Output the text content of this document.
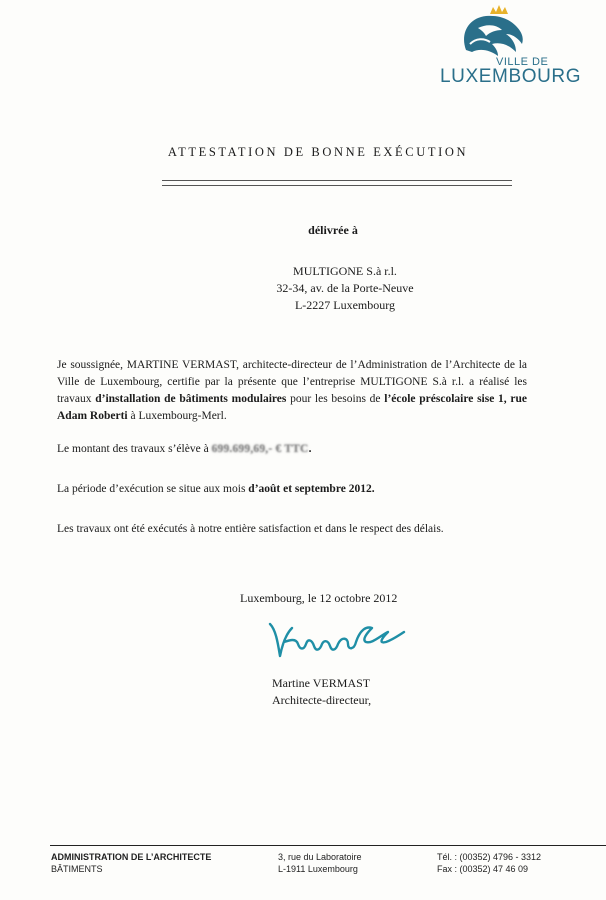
VILLE DE
LUXEMBOURG
ATTESTATION DE BONNE EXÉCUTION
délivrée à
MULTIGONE S.à r.l.
32-34, av. de la Porte-Neuve
L-2227 Luxembourg
Je soussignée, MARTINE VERMAST, architecte-directeur de l’Administration de l’Architecte de la Ville de Luxembourg, certifie par la présente que l’entreprise MULTIGONE S.à r.l. a réalisé les travaux d’installation de bâtiments modulaires pour les besoins de l’école préscolaire sise 1, rue Adam Roberti à Luxembourg-Merl.
Le montant des travaux s’élève à 699.699,69,- € TTC.
La période d’exécution se situe aux mois d’août et septembre 2012.
Les travaux ont été exécutés à notre entière satisfaction et dans le respect des délais.
Luxembourg, le 12 octobre 2012
Martine VERMAST
Architecte-directeur,
ADMINISTRATION DE L’ARCHITECTE
BÂTIMENTS
3, rue du Laboratoire
L-1911 Luxembourg
Tél. : (00352) 4796 - 3312
Fax : (00352) 47 46 09
